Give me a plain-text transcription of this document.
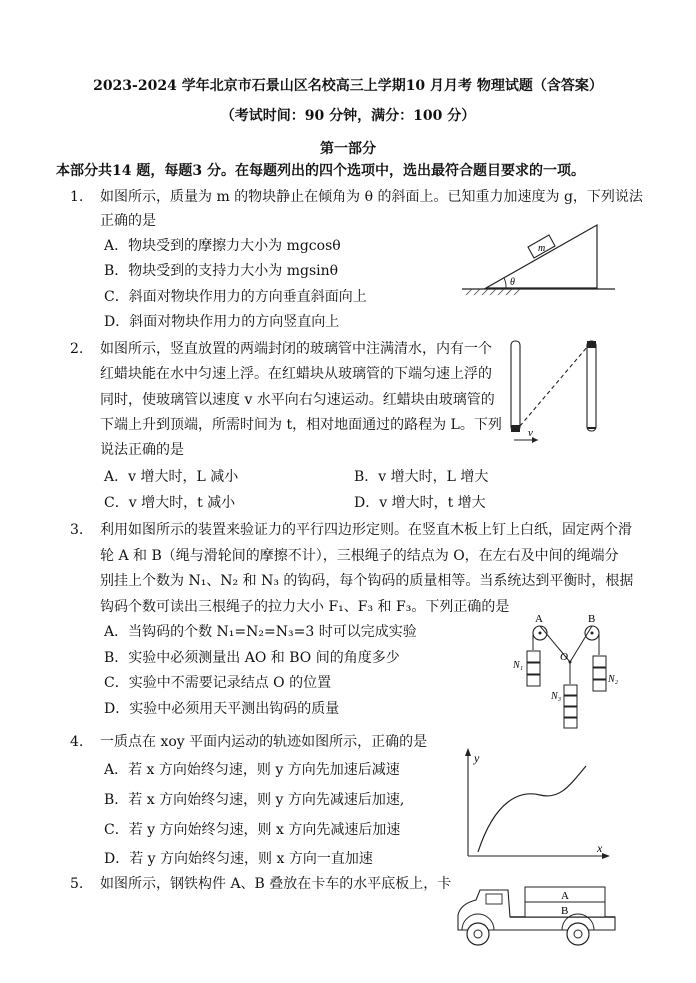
2023-2024 学年北京市石景山区名校高三上学期10 月月考 物理试题（含答案）
（考试时间：90 分钟，满分：100 分）
第一部分
本部分共14 题，每题3 分。在每题列出的四个选项中，选出最符合题目要求的一项。
1. 如图所示，质量为 m 的物块静止在倾角为 θ 的斜面上。已知重力加速度为 g，下列说法
正确的是
A．物块受到的摩擦力大小为 mgcosθ
B．物块受到的支持力大小为 mgsinθ
C．斜面对物块作用力的方向垂直斜面向上
D．斜面对物块作用力的方向竖直向上
m
θ
2. 如图所示，竖直放置的两端封闭的玻璃管中注满清水，内有一个
红蜡块能在水中匀速上浮。在红蜡块从玻璃管的下端匀速上浮的
同时，使玻璃管以速度 v 水平向右匀速运动。红蜡块由玻璃管的
下端上升到顶端，所需时间为 t，相对地面通过的路程为 L。下列
说法正确的是
A．v 增大时，L 减小	B．v 增大时，L 增大
C．v 增大时，t 减小	D．v 增大时，t 增大
v
3. 利用如图所示的装置来验证力的平行四边形定则。在竖直木板上钉上白纸，固定两个滑
轮 A 和 B（绳与滑轮间的摩擦不计），三根绳子的结点为 O，在左右及中间的绳端分
别挂上个数为 N₁、N₂ 和 N₃ 的钩码，每个钩码的质量相等。当系统达到平衡时，根据
钩码个数可读出三根绳子的拉力大小 F₁、F₃ 和 F₃。下列正确的是
A．当钩码的个数 N₁=N₂=N₃=3 时可以完成实验
B．实验中必须测量出 AO 和 BO 间的角度多少
C．实验中不需要记录结点 O 的位置
D．实验中必须用天平测出钩码的质量
A	B
O
N₁
N₂
N₃
4. 一质点在 xoy 平面内运动的轨迹如图所示，正确的是
A．若 x 方向始终匀速，则 y 方向先加速后减速
B．若 x 方向始终匀速，则 y 方向先减速后加速,
C．若 y 方向始终匀速，则 x 方向先减速后加速
D．若 y 方向始终匀速，则 x 方向一直加速
y
x
5. 如图所示，钢铁构件 A、B 叠放在卡车的水平底板上，卡
A
B
